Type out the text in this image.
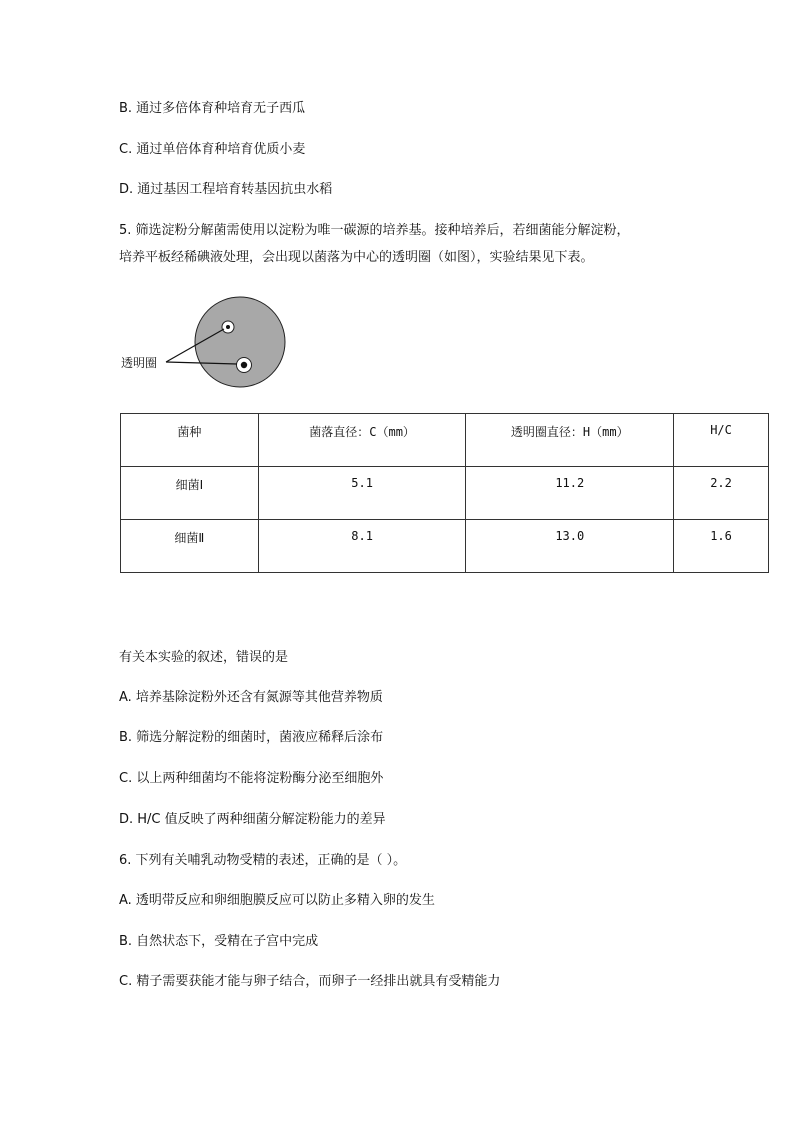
B. 通过多倍体育种培育无子西瓜
C. 通过单倍体育种培育优质小麦
D. 通过基因工程培育转基因抗虫水稻
5. 筛选淀粉分解菌需使用以淀粉为唯一碳源的培养基。接种培养后，若细菌能分解淀粉，
培养平板经稀碘液处理，会出现以菌落为中心的透明圈（如图），实验结果见下表。
透明圈
菌种	菌落直径：C（mm）	透明圈直径：H（mm）	H/C
细菌Ⅰ	5.1	11.2	2.2
细菌Ⅱ	8.1	13.0	1.6
有关本实验的叙述，错误的是
A. 培养基除淀粉外还含有氮源等其他营养物质
B. 筛选分解淀粉的细菌时，菌液应稀释后涂布
C. 以上两种细菌均不能将淀粉酶分泌至细胞外
D. H/C 值反映了两种细菌分解淀粉能力的差异
6. 下列有关哺乳动物受精的表述，正确的是（ ）。
A. 透明带反应和卵细胞膜反应可以防止多精入卵的发生
B. 自然状态下，受精在子宫中完成
C. 精子需要获能才能与卵子结合，而卵子一经排出就具有受精能力
